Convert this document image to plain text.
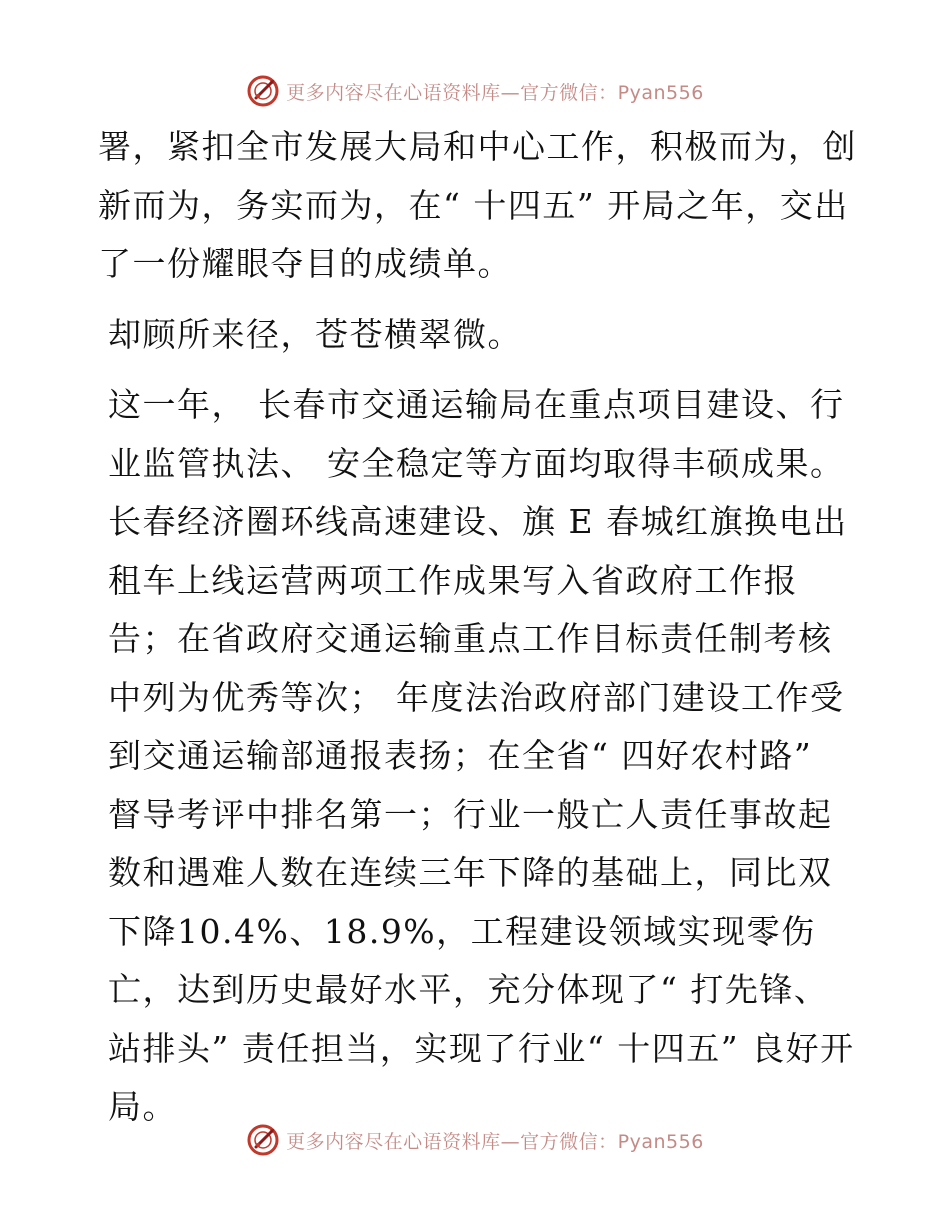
更多内容尽在心语资料库—官方微信：Pyan556

署，紧扣全市发展大局和中心工作，积极而为，创新而为，务实而为，在“ 十四五” 开局之年，交出了一份耀眼夺目的成绩单。

却顾所来径，苍苍横翠微。

这一年， 长春市交通运输局在重点项目建设、行业监管执法、 安全稳定等方面均取得丰硕成果。长春经济圈环线高速建设、旗 E 春城红旗换电出租车上线运营两项工作成果写入省政府工作报告；在省政府交通运输重点工作目标责任制考核中列为优秀等次； 年度法治政府部门建设工作受到交通运输部通报表扬；在全省“ 四好农村路” 督导考评中排名第一；行业一般亡人责任事故起数和遇难人数在连续三年下降的基础上，同比双下降10.4%、18.9%，工程建设领域实现零伤亡，达到历史最好水平，充分体现了“ 打先锋、站排头” 责任担当，实现了行业“ 十四五” 良好开局。

更多内容尽在心语资料库—官方微信：Pyan556
